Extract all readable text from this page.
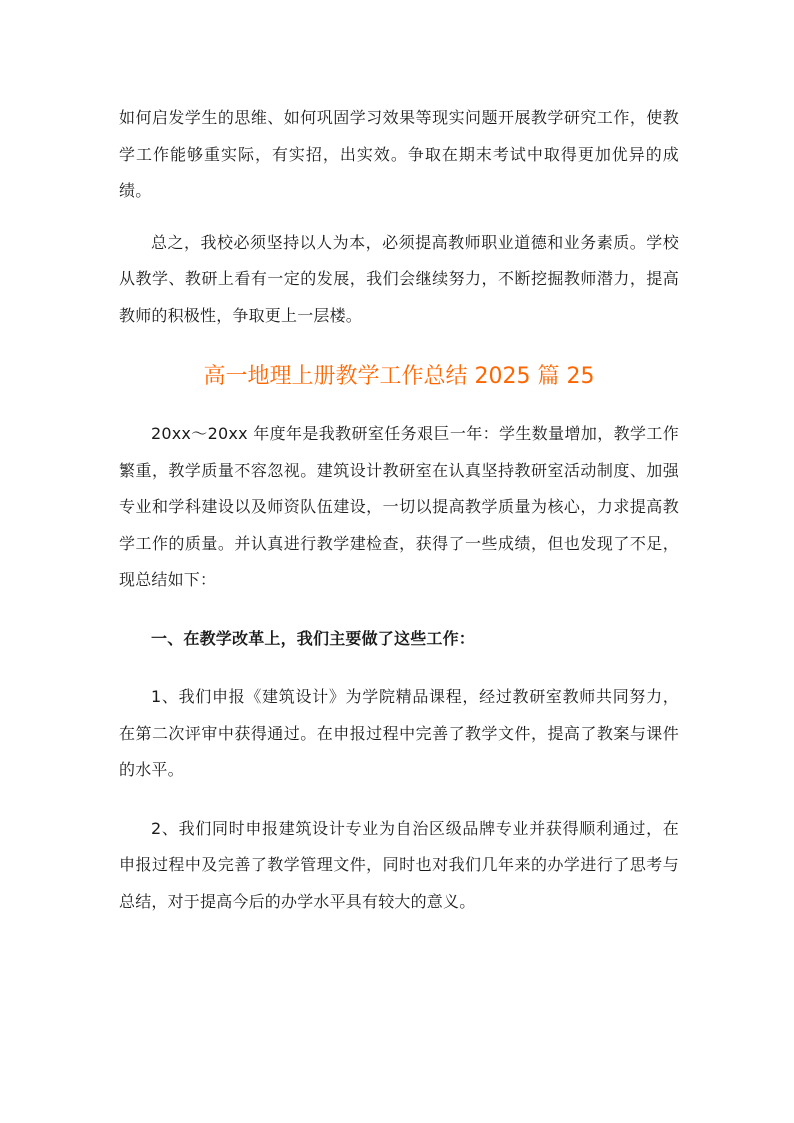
如何启发学生的思维、如何巩固学习效果等现实问题开展教学研究工作，使教学工作能够重实际，有实招，出实效。争取在期末考试中取得更加优异的成绩。

总之，我校必须坚持以人为本，必须提高教师职业道德和业务素质。学校从教学、教研上看有一定的发展，我们会继续努力，不断挖掘教师潜力，提高教师的积极性，争取更上一层楼。

高一地理上册教学工作总结 2025 篇 25

20xx～20xx 年度年是我教研室任务艰巨一年：学生数量增加，教学工作繁重，教学质量不容忽视。建筑设计教研室在认真坚持教研室活动制度、加强专业和学科建设以及师资队伍建设，一切以提高教学质量为核心，力求提高教学工作的质量。并认真进行教学建检查，获得了一些成绩，但也发现了不足，现总结如下：

一、在教学改革上，我们主要做了这些工作：

1、我们申报《建筑设计》为学院精品课程，经过教研室教师共同努力，在第二次评审中获得通过。在申报过程中完善了教学文件，提高了教案与课件的水平。

2、我们同时申报建筑设计专业为自治区级品牌专业并获得顺利通过，在申报过程中及完善了教学管理文件，同时也对我们几年来的办学进行了思考与总结，对于提高今后的办学水平具有较大的意义。
